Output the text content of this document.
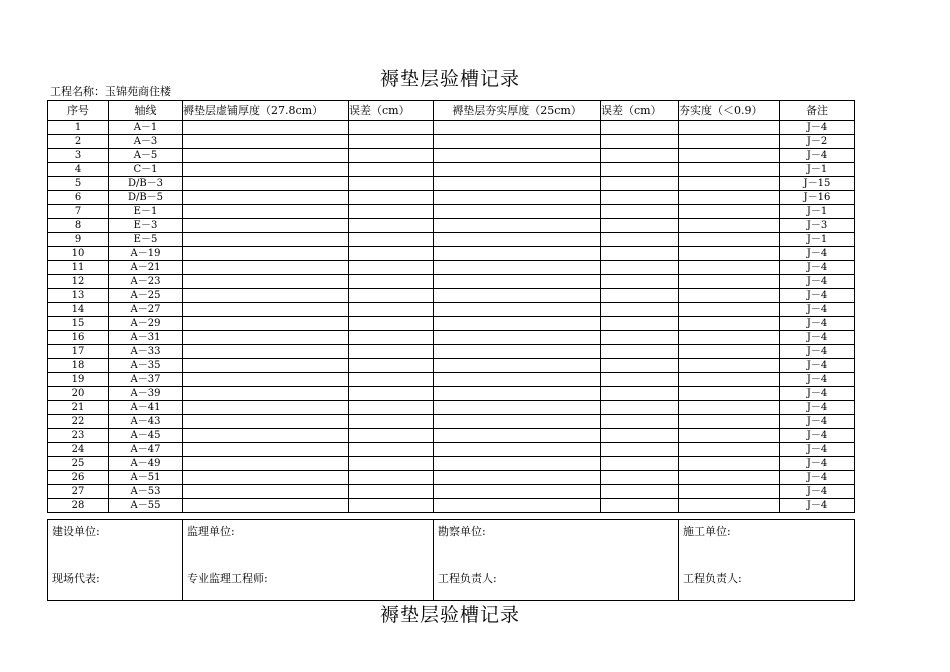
褥垫层验槽记录
工程名称：玉锦苑商住楼
序号	轴线	褥垫层虚铺厚度（27.8cm）	误差（cm）	褥垫层夯实厚度（25cm）	误差（cm）	夯实度（＜0.9）	备注
1	A－1						J－4
2	A－3						J－2
3	A－5						J－4
4	C－1						J－1
5	D/B－3						J－15
6	D/B－5						J－16
7	E－1						J－1
8	E－3						J－3
9	E－5						J－1
10	A－19						J－4
11	A－21						J－4
12	A－23						J－4
13	A－25						J－4
14	A－27						J－4
15	A－29						J－4
16	A－31						J－4
17	A－33						J－4
18	A－35						J－4
19	A－37						J－4
20	A－39						J－4
21	A－41						J－4
22	A－43						J－4
23	A－45						J－4
24	A－47						J－4
25	A－49						J－4
26	A－51						J－4
27	A－53						J－4
28	A－55						J－4
建设单位:
现场代表:

监理单位:
专业监理工程师:

勘察单位:
工程负责人:

施工单位:
工程负责人:
褥垫层验槽记录
